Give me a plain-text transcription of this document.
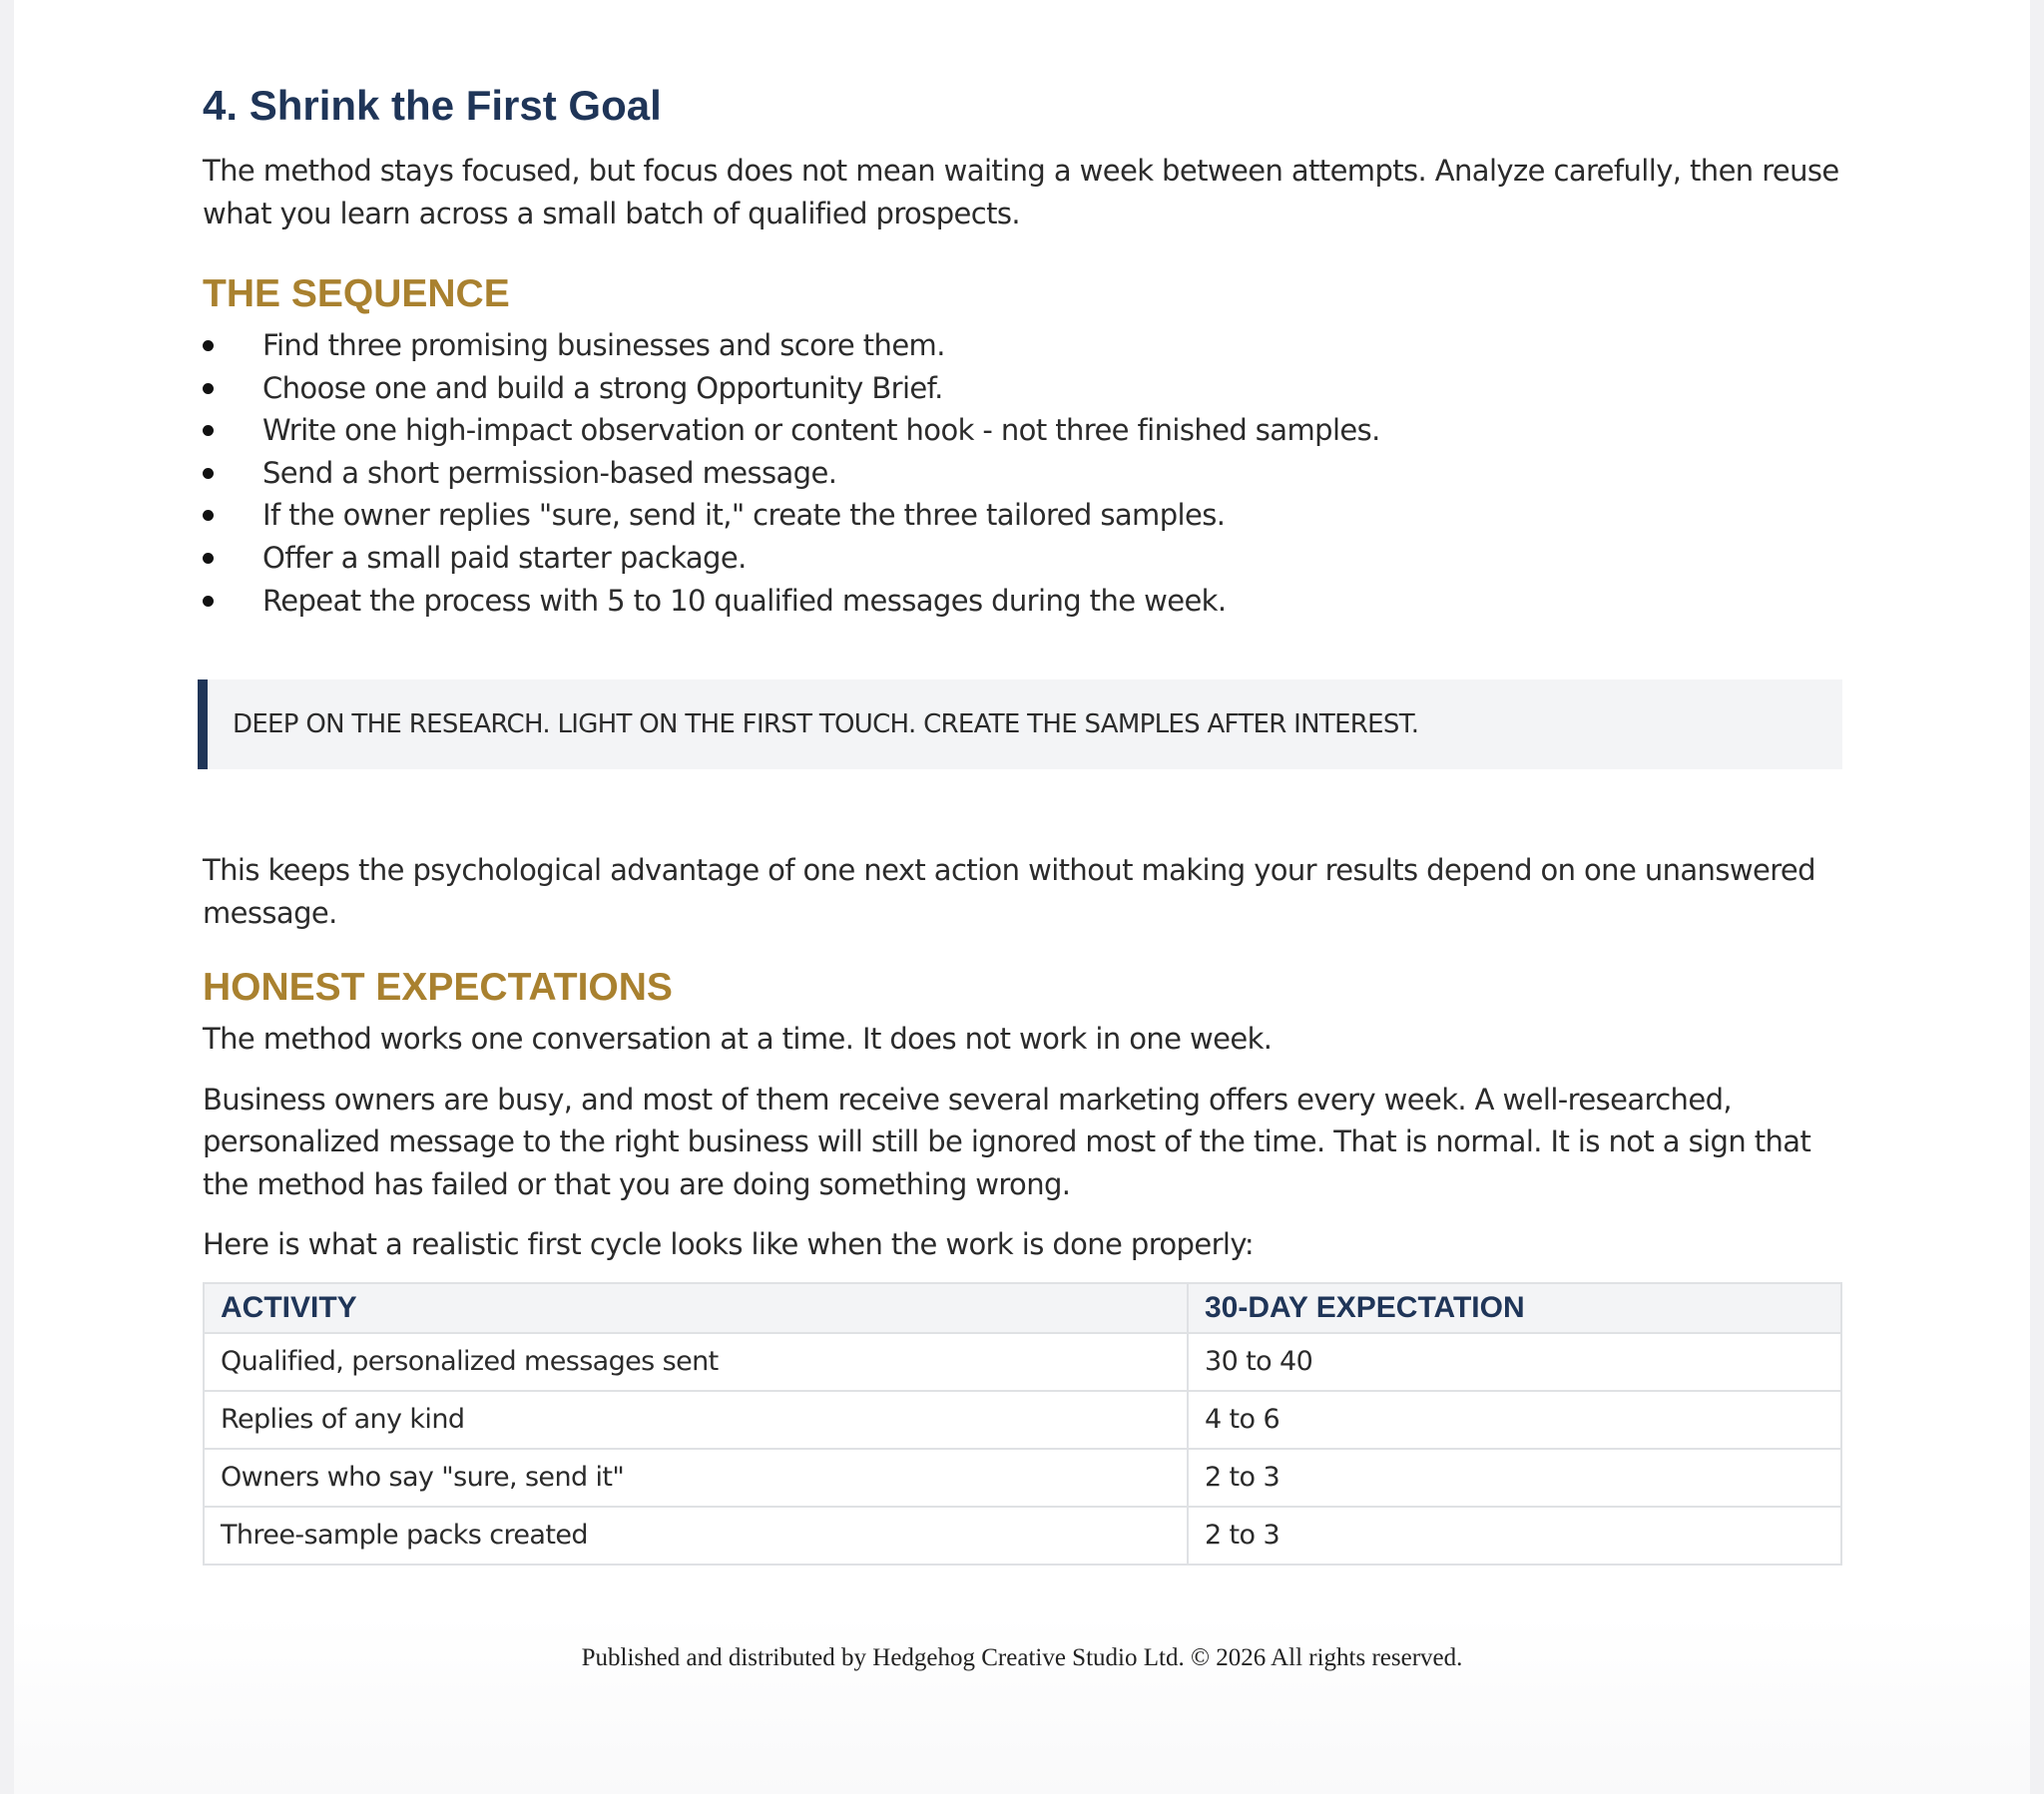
4. Shrink the First Goal

The method stays focused, but focus does not mean waiting a week between attempts. Analyze carefully, then reuse what you learn across a small batch of qualified prospects.

THE SEQUENCE
Find three promising businesses and score them.
Choose one and build a strong Opportunity Brief.
Write one high-impact observation or content hook - not three finished samples.
Send a short permission-based message.
If the owner replies "sure, send it," create the three tailored samples.
Offer a small paid starter package.
Repeat the process with 5 to 10 qualified messages during the week.
DEEP ON THE RESEARCH. LIGHT ON THE FIRST TOUCH. CREATE THE SAMPLES AFTER INTEREST.

This keeps the psychological advantage of one next action without making your results depend on one unanswered message.

HONEST EXPECTATIONS

The method works one conversation at a time. It does not work in one week.

Business owners are busy, and most of them receive several marketing offers every week. A well-researched, personalized message to the right business will still be ignored most of the time. That is normal. It is not a sign that the method has failed or that you are doing something wrong.

Here is what a realistic first cycle looks like when the work is done properly:

ACTIVITY	30-DAY EXPECTATION
Qualified, personalized messages sent	30 to 40
Replies of any kind	4 to 6
Owners who say "sure, send it"	2 to 3
Three-sample packs created	2 to 3
Published and distributed by Hedgehog Creative Studio Ltd. © 2026 All rights reserved.
